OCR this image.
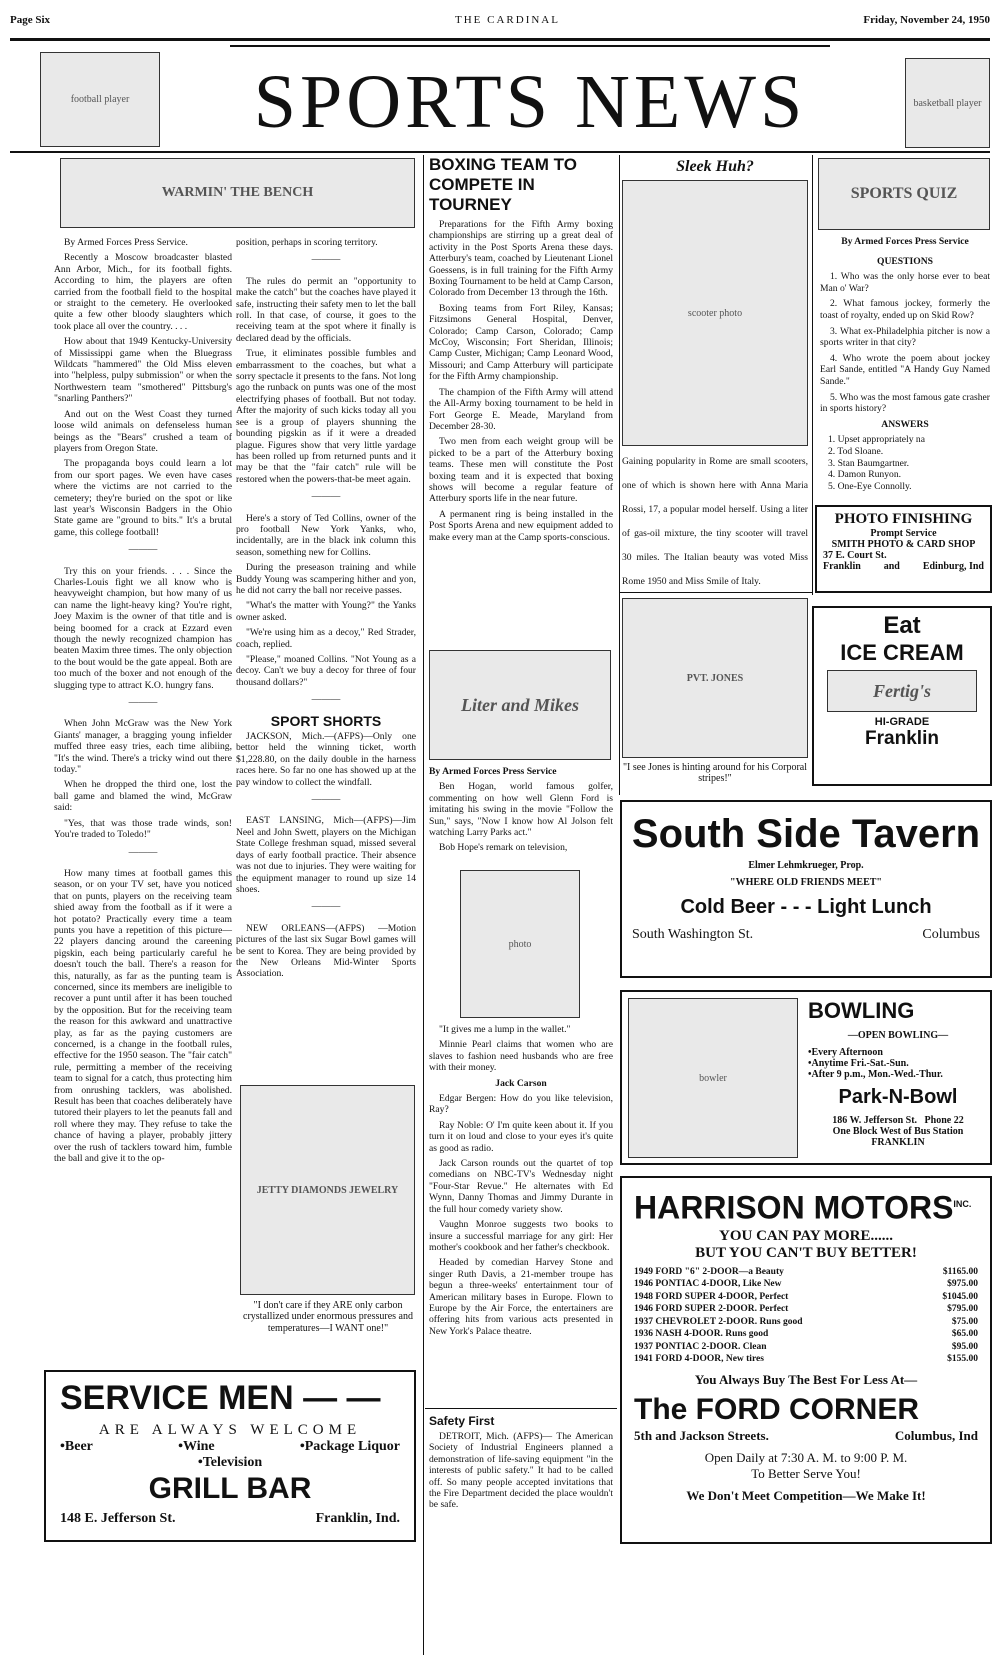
Page Six	THE CARDINAL	Friday, November 24, 1950
football player	SPORTS NEWS	basketball player
WARMIN' THE BENCH

By Armed Forces Press Service.

Recently a Moscow broadcaster blasted Ann Arbor, Mich., for its football fights. According to him, the players are often carried from the football field to the hospital or straight to the cemetery. He overlooked quite a few other bloody slaughters which took place all over the country. . . .

How about that 1949 Kentucky-University of Mississippi game when the Bluegrass Wildcats "hammered" the Old Miss eleven into "helpless, pulpy submission" or when the Northwestern team "smothered" Pittsburg's "snarling Panthers?"

And out on the West Coast they turned loose wild animals on defenseless human beings as the "Bears" crushed a team of players from Oregon State.

The propaganda boys could learn a lot from our sport pages. We even have cases where the victims are not carried to the cemetery; they're buried on the spot or like last year's Wisconsin Badgers in the Ohio State game are "ground to bits." It's a brutal game, this college football!

———

Try this on your friends. . . . Since the Charles-Louis fight we all know who is heavyweight champion, but how many of us can name the light-heavy king? You're right, Joey Maxim is the owner of that title and is being boomed for a crack at Ezzard even though the newly recognized champion has beaten Maxim three times. The only objection to the bout would be the gate appeal. Both are too much of the boxer and not enough of the slugging type to attract K.O. hungry fans.

———

When John McGraw was the New York Giants' manager, a bragging young infielder muffed three easy tries, each time alibiing, "It's the wind. There's a tricky wind out there today."

When he dropped the third one, lost the ball game and blamed the wind, McGraw said:

"Yes, that was those trade winds, son! You're traded to Toledo!"

———

How many times at football games this season, or on your TV set, have you noticed that on punts, players on the receiving team shied away from the football as if it were a hot potato? Practically every time a team punts you have a repetition of this picture—22 players dancing around the careening pigskin, each being particularly careful he doesn't touch the ball. There's a reason for this, naturally, as far as the punting team is concerned, since its members are ineligible to recover a punt until after it has been touched by the opposition. But for the receiving team the reason for this awkward and unattractive play, as far as the paying customers are concerned, is a change in the football rules, effective for the 1950 season. The "fair catch" rule, permitting a member of the receiving team to signal for a catch, thus protecting him from onrushing tacklers, was abolished. Result has been that coaches deliberately have tutored their players to let the peanuts fall and roll where they may. They refuse to take the chance of having a player, probably jittery over the rush of tacklers toward him, fumble the ball and give it to the op-

position, perhaps in scoring territory.

———

The rules do permit an "opportunity to make the catch" but the coaches have played it safe, instructing their safety men to let the ball roll. In that case, of course, it goes to the receiving team at the spot where it finally is declared dead by the officials.

True, it eliminates possible fumbles and embarrassment to the coaches, but what a sorry spectacle it presents to the fans. Not long ago the runback on punts was one of the most electrifying phases of football. But not today. After the majority of such kicks today all you see is a group of players shunning the bounding pigskin as if it were a dreaded plague. Figures show that very little yardage has been rolled up from returned punts and it may be that the "fair catch" rule will be restored when the powers-that-be meet again.

———

Here's a story of Ted Collins, owner of the pro football New York Yanks, who, incidentally, are in the black ink column this season, something new for Collins.

During the preseason training and while Buddy Young was scampering hither and yon, he did not carry the ball nor receive passes.

"What's the matter with Young?" the Yanks owner asked.

"We're using him as a decoy," Red Strader, coach, replied.

"Please," moaned Collins. "Not Young as a decoy. Can't we buy a decoy for three of four thousand dollars?"

———
SPORT SHORTS

JACKSON, Mich.—(AFPS)—Only one bettor held the winning ticket, worth $1,228.80, on the daily double in the harness races here. So far no one has showed up at the pay window to collect the windfall.

———

EAST LANSING, Mich—(AFPS)—Jim Neel and John Swett, players on the Michigan State College freshman squad, missed several days of early football practice. Their absence was not due to injuries. They were waiting for the equipment manager to round up size 14 shoes.

———

NEW ORLEANS—(AFPS) —Motion pictures of the last six Sugar Bowl games will be sent to Korea. They are being provided by the New Orleans Mid-Winter Sports Association.

JETTY DIAMONDS JEWELRY
"I don't care if they ARE only carbon crystallized under enormous pressures and temperatures—I WANT one!"
BOXING TEAM TO
COMPETE IN TOURNEY

Preparations for the Fifth Army boxing championships are stirring up a great deal of activity in the Post Sports Arena these days. Atterbury's team, coached by Lieutenant Lionel Goessens, is in full training for the Fifth Army Boxing Tournament to be held at Camp Carson, Colorado from December 13 through the 16th.

Boxing teams from Fort Riley, Kansas; Fitzsimons General Hospital, Denver, Colorado; Camp Carson, Colorado; Camp McCoy, Wisconsin; Fort Sheridan, Illinois; Camp Custer, Michigan; Camp Leonard Wood, Missouri; and Camp Atterbury will participate for the Fifth Army championship.

The champion of the Fifth Army will attend the All-Army boxing tournament to be held in Fort George E. Meade, Maryland from December 28-30.

Two men from each weight group will be picked to be a part of the Atterbury boxing teams. These men will constitute the Post boxing team and it is expected that boxing shows will become a regular feature of Atterbury sports life in the near future.

A permanent ring is being installed in the Post Sports Arena and new equipment added to make every man at the Camp sports-conscious.

Liter and Mikes

By Armed Forces Press Service

Ben Hogan, world famous golfer, commenting on how well Glenn Ford is imitating his swing in the movie "Follow the Sun," says, "Now I know how Al Jolson felt watching Larry Parks act."

Bob Hope's remark on television,

photo

"It gives me a lump in the wallet."

Minnie Pearl claims that women who are slaves to fashion need husbands who are free with their money.

Jack Carson

Edgar Bergen: How do you like television, Ray?

Ray Noble: O' I'm quite keen about it. If you turn it on loud and close to your eyes it's quite as good as radio.

Jack Carson rounds out the quartet of top comedians on NBC-TV's Wednesday night "Four-Star Revue." He alternates with Ed Wynn, Danny Thomas and Jimmy Durante in the full hour comedy variety show.

Vaughn Monroe suggests two books to insure a successful marriage for any girl: Her mother's cookbook and her father's checkbook.

Headed by comedian Harvey Stone and singer Ruth Davis, a 21-member troupe has begun a three-weeks' entertainment tour of American military bases in Europe. Flown to Europe by the Air Force, the entertainers are offering hits from various acts presented in New York's Palace theatre.

Safety First

DETROIT, Mich. (AFPS)— The American Society of Industrial Engineers planned a demonstration of life-saving equipment "in the interests of public safety." It had to be called off. So many people accepted invitations that the Fire Department decided the place wouldn't be safe.

Sleek Huh?
scooter photo
Gaining popularity in Rome are small scooters, one of which is shown here with Anna Maria Rossi, 17, a popular model herself. Using a liter of gas-oil mixture, the tiny scooter will travel 30 miles. The Italian beauty was voted Miss Rome 1950 and Miss Smile of Italy.
PVT. JONES
"I see Jones is hinting around for his Corporal stripes!"
SPORTS QUIZ

By Armed Forces Press Service

QUESTIONS

1. Who was the only horse ever to beat Man o' War?

2. What famous jockey, formerly the toast of royalty, ended up on Skid Row?

3. What ex-Philadelphia pitcher is now a sports writer in that city?

4. Who wrote the poem about jockey Earl Sande, entitled "A Handy Guy Named Sande."

5. Who was the most famous gate crasher in sports history?

ANSWERS

1. Upset appropriately na

2. Tod Sloane.

3. Stan Baumgartner.

4. Damon Runyon.

5. One-Eye Connolly.

PHOTO FINISHING
Prompt Service
SMITH PHOTO & CARD SHOP
37 E. Court St.
Franklin and Edinburg, Ind
Eat
ICE CREAM
Fertig's
HI-GRADE
Franklin
South Side Tavern
Elmer Lehmkrueger, Prop.
"WHERE OLD FRIENDS MEET"
Cold Beer - - - Light Lunch
South Washington St.	Columbus
bowler
BOWLING
—OPEN BOWLING—
•Every Afternoon
•Anytime Fri.-Sat.-Sun.
•After 9 p.m., Mon.-Wed.-Thur.
Park-N-Bowl
186 W. Jefferson St. Phone 22
One Block West of Bus Station
FRANKLIN
HARRISON $MOTORS^{INC.}$
YOU CAN PAY MORE......
BUT YOU CAN'T BUY BETTER!
1949 FORD "6" 2-DOOR—a Beauty	$1165.00
1946 PONTIAC 4-DOOR, Like New	$975.00
1948 FORD SUPER 4-DOOR, Perfect	$1045.00
1946 FORD SUPER 2-DOOR. Perfect	$795.00
1937 CHEVROLET 2-DOOR. Runs good	$75.00
1936 NASH 4-DOOR. Runs good	$65.00
1937 PONTIAC 2-DOOR. Clean	$95.00
1941 FORD 4-DOOR, New tires	$155.00
You Always Buy The Best For Less At—
The FORD CORNER
5th and Jackson Streets.	Columbus, Ind
Open Daily at 7:30 A. M. to 9:00 P. M.
To Better Serve You!
We Don't Meet Competition—We Make It!
SERVICE MEN — —
ARE ALWAYS WELCOME
•Beer	•Wine	•Package Liquor
•Television
GRILL BAR
148 E. Jefferson St.	Franklin, Ind.
